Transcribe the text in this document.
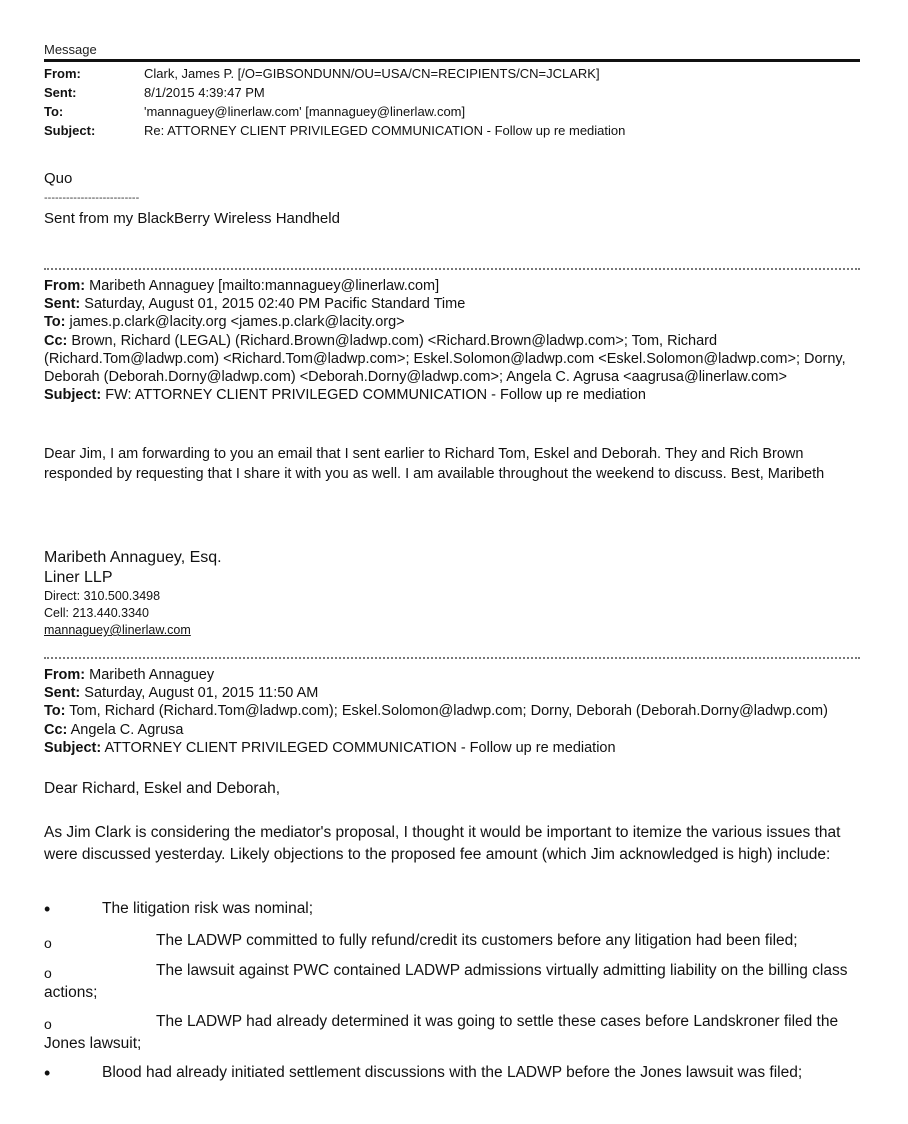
Message
From:	Clark, James P. [/O=GIBSONDUNN/OU=USA/CN=RECIPIENTS/CN=JCLARK]
Sent:	8/1/2015 4:39:47 PM
To:	'mannaguey@linerlaw.com' [mannaguey@linerlaw.com]
Subject:	Re: ATTORNEY CLIENT PRIVILEGED COMMUNICATION - Follow up re mediation
Quo
--------------------------
Sent from my BlackBerry Wireless Handheld
From: Maribeth Annaguey [mailto:mannaguey@linerlaw.com]
Sent: Saturday, August 01, 2015 02:40 PM Pacific Standard Time
To: james.p.clark@lacity.org <james.p.clark@lacity.org>
Cc: Brown, Richard (LEGAL) (Richard.Brown@ladwp.com) <Richard.Brown@ladwp.com>; Tom, Richard (Richard.Tom@ladwp.com) <Richard.Tom@ladwp.com>; Eskel.Solomon@ladwp.com <Eskel.Solomon@ladwp.com>; Dorny, Deborah (Deborah.Dorny@ladwp.com) <Deborah.Dorny@ladwp.com>; Angela C. Agrusa <aagrusa@linerlaw.com>
Subject: FW: ATTORNEY CLIENT PRIVILEGED COMMUNICATION - Follow up re mediation
Dear Jim, I am forwarding to you an email that I sent earlier to Richard Tom, Eskel and Deborah. They and Rich Brown responded by requesting that I share it with you as well. I am available throughout the weekend to discuss. Best, Maribeth
Maribeth Annaguey, Esq.
Liner LLP
Direct: 310.500.3498
Cell: 213.440.3340
mannaguey@linerlaw.com
From: Maribeth Annaguey
Sent: Saturday, August 01, 2015 11:50 AM
To: Tom, Richard (Richard.Tom@ladwp.com); Eskel.Solomon@ladwp.com; Dorny, Deborah (Deborah.Dorny@ladwp.com)
Cc: Angela C. Agrusa
Subject: ATTORNEY CLIENT PRIVILEGED COMMUNICATION - Follow up re mediation
Dear Richard, Eskel and Deborah,
As Jim Clark is considering the mediator's proposal, I thought it would be important to itemize the various issues that were discussed yesterday. Likely objections to the proposed fee amount (which Jim acknowledged is high) include:
•	The litigation risk was nominal;
o	The LADWP committed to fully refund/credit its customers before any litigation had been filed;
o	The lawsuit against PWC contained LADWP admissions virtually admitting liability on the billing class actions;
o	The LADWP had already determined it was going to settle these cases before Landskroner filed the Jones lawsuit;
•	Blood had already initiated settlement discussions with the LADWP before the Jones lawsuit was filed;
